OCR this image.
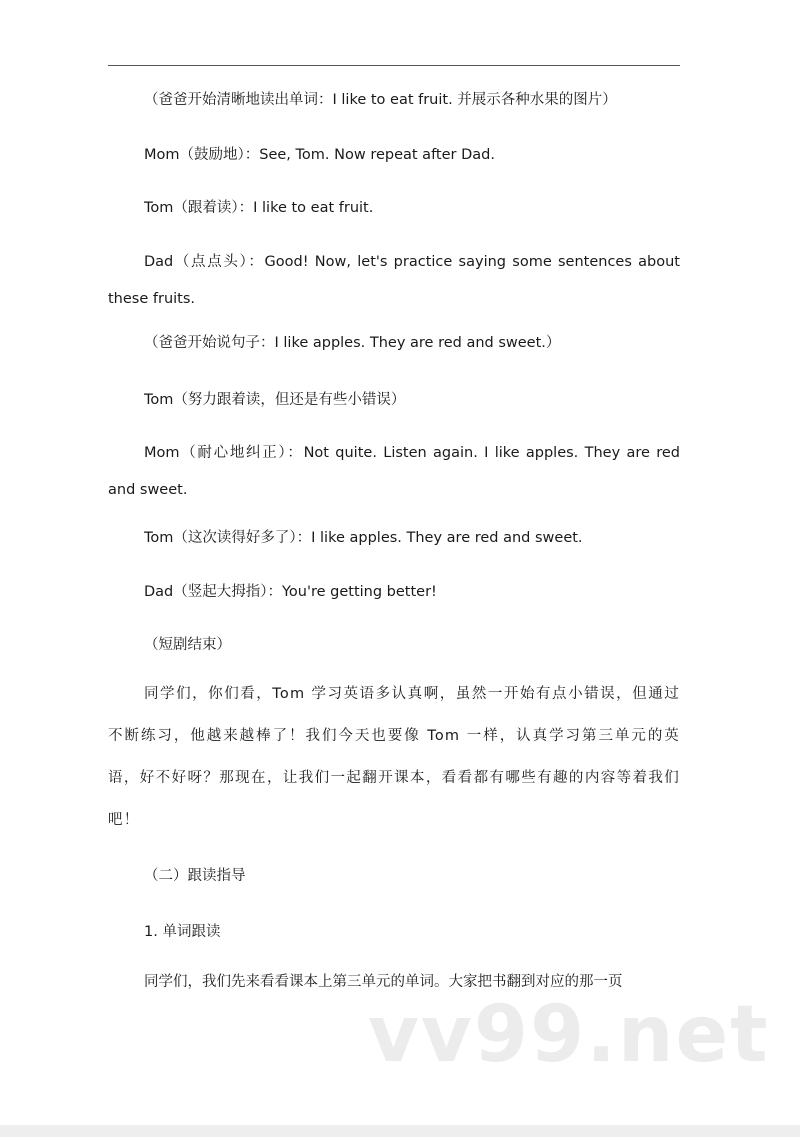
（爸爸开始清晰地读出单词：I like to eat fruit. 并展示各种水果的图片）
Mom（鼓励地）：See, Tom. Now repeat after Dad.
Tom（跟着读）：I like to eat fruit.
Dad（点点头）：Good! Now, let's practice saying some sentences about these fruits.
（爸爸开始说句子：I like apples. They are red and sweet.）
Tom（努力跟着读，但还是有些小错误）
Mom（耐心地纠正）：Not quite. Listen again. I like apples. They are red and sweet.
Tom（这次读得好多了）：I like apples. They are red and sweet.
Dad（竖起大拇指）：You're getting better!
（短剧结束）
同学们，你们看，Tom 学习英语多认真啊，虽然一开始有点小错误，但通过不断练习，他越来越棒了！我们今天也要像 Tom 一样，认真学习第三单元的英语，好不好呀？那现在，让我们一起翻开课本，看看都有哪些有趣的内容等着我们吧！
（二）跟读指导
1. 单词跟读
同学们，我们先来看看课本上第三单元的单词。大家把书翻到对应的那一页
vv99.net
